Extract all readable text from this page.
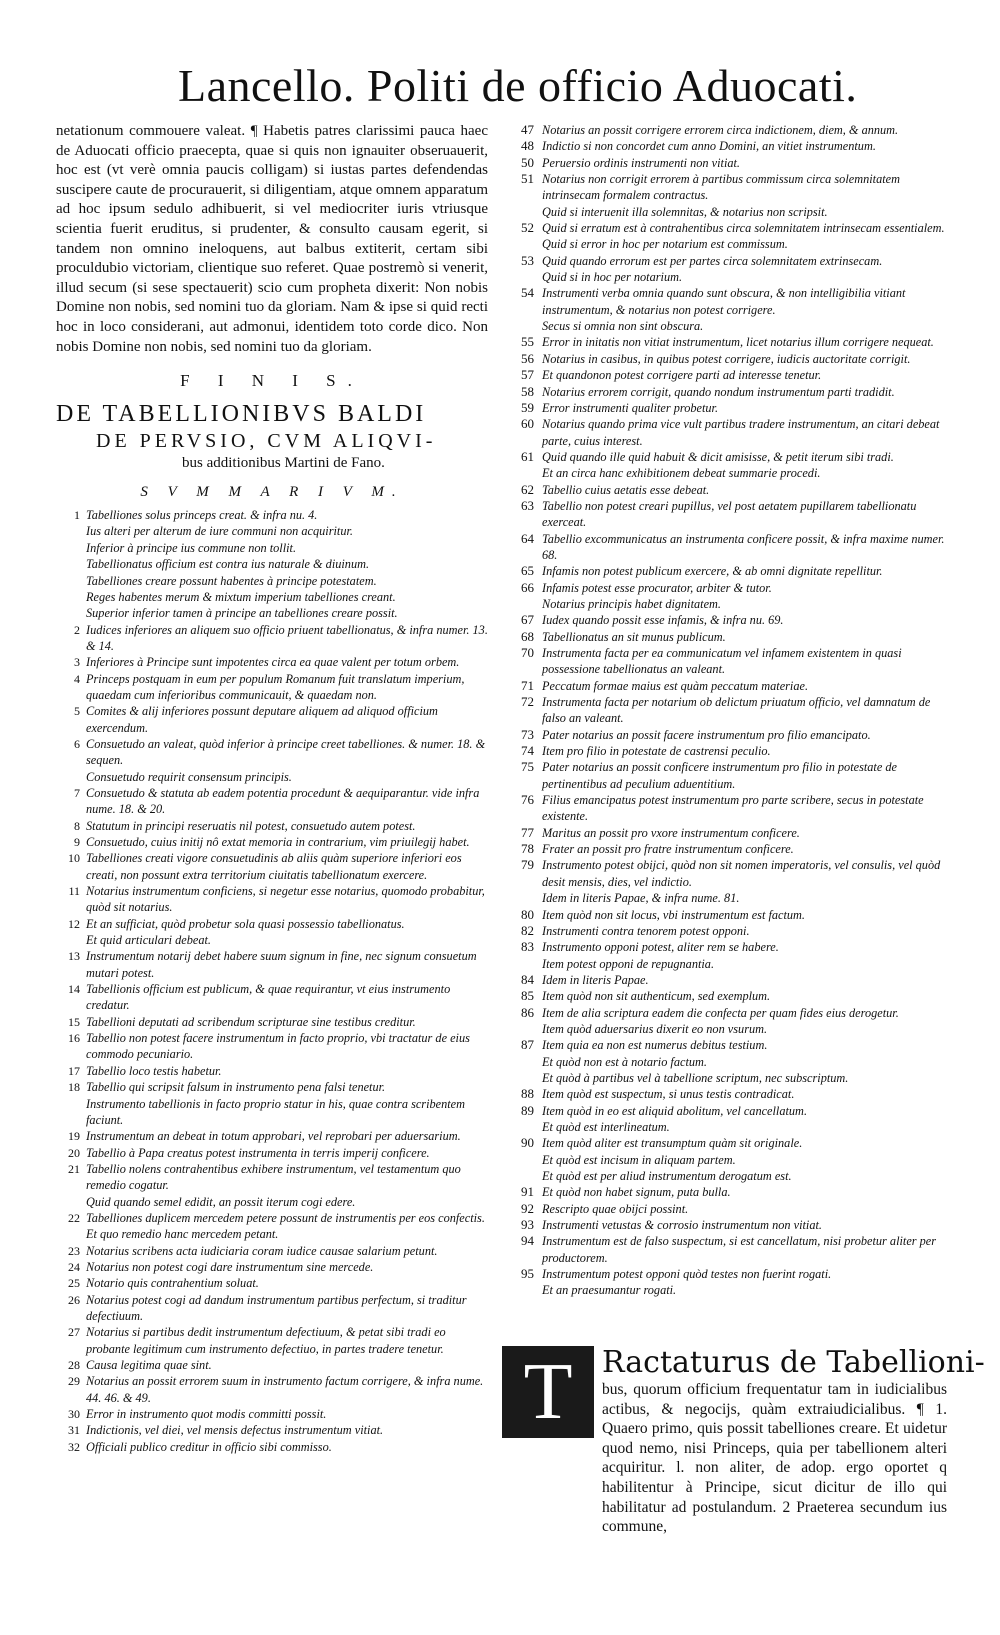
Lancello. Politi de officio Aduocati.
netationum commouere valeat. ¶ Habetis patres clarissimi pauca haec de Aduocati officio praecepta, quae si quis non ignauiter obseruauerit, hoc est (vt verè omnia paucis colligam) si iustas partes defendendas suscipere caute de procurauerit, si diligentiam, atque omnem apparatum ad hoc ipsum sedulo adhibuerit, si vel mediocriter iuris vtriusque scientia fuerit eruditus, si prudenter, & consulto causam egerit, si tandem non omnino ineloquens, aut balbus extiterit, certam sibi proculdubio victoriam, clientique suo referet. Quae postremò si venerit, illud secum (si sese spectauerit) scio cum propheta dixerit: Non nobis Domine non nobis, sed nomini tuo da gloriam. Nam & ipse si quid recti hoc in loco considerani, aut admonui, identidem toto corde dico. Non nobis Domine non nobis, sed nomini tuo da gloriam.
F I N I S.
DE TABELLIONIBVS BALDI
DE PERVSIO, CVM ALIQVI-
bus additionibus Martini de Fano.
S V M M A R I V M.
1 Tabelliones solus princeps creat. & infra nu. 4.
Ius alteri per alterum de iure communi non acquiritur.
Inferior à principe ius commune non tollit.
Tabellionatus officium est contra ius naturale & diuinum.
Tabelliones creare possunt habentes à principe potestatem.
Reges habentes merum & mixtum imperium tabelliones creant.
Superior inferior tamen à principe an tabelliones creare possit.
2 Iudices inferiores an aliquem suo officio priuent tabellionatus, & infra numer. 13. & 14.
3 Inferiores à Principe sunt impotentes circa ea quae valent per totum orbem.
4 Princeps postquam in eum per populum Romanum fuit translatum imperium, quaedam cum inferioribus communicauit, & quaedam non.
5 Comites & alij inferiores possunt deputare aliquem ad aliquod officium exercendum.
6 Consuetudo an valeat, quòd inferior à principe creet tabelliones. & numer. 18. & sequen.
Consuetudo requirit consensum principis.
7 Consuetudo & statuta ab eadem potentia procedunt & aequiparantur. vide infra nume. 18. & 20.
8 Statutum in principi reseruatis nil potest, consuetudo autem potest.
9 Consuetudo, cuius initij nô extat memoria in contrarium, vim priuilegij habet.
10 Tabelliones creati vigore consuetudinis ab aliis quàm superiore inferiori eos creati, non possunt extra territorium ciuitatis tabellionatum exercere.
11 Notarius instrumentum conficiens, si negetur esse notarius, quomodo probabitur, quòd sit notarius.
12 Et an sufficiat, quòd probetur sola quasi possessio tabellionatus.
Et quid articulari debeat.
13 Instrumentum notarij debet habere suum signum in fine, nec signum consuetum mutari potest.
14 Tabellionis officium est publicum, & quae requirantur, vt eius instrumento credatur.
15 Tabellioni deputati ad scribendum scripturae sine testibus creditur.
16 Tabellio non potest facere instrumentum in facto proprio, vbi tractatur de eius commodo pecuniario.
17 Tabellio loco testis habetur.
18 Tabellio qui scripsit falsum in instrumento pena falsi tenetur.
Instrumento tabellionis in facto proprio statur in his, quae contra scribentem faciunt.
19 Instrumentum an debeat in totum approbari, vel reprobari per aduersarium.
20 Tabellio à Papa creatus potest instrumenta in terris imperij conficere.
21 Tabellio nolens contrahentibus exhibere instrumentum, vel testamentum quo remedio cogatur.
Quid quando semel edidit, an possit iterum cogi edere.
22 Tabelliones duplicem mercedem petere possunt de instrumentis per eos confectis.
Et quo remedio hanc mercedem petant.
23 Notarius scribens acta iudiciaria coram iudice causae salarium petunt.
24 Notarius non potest cogi dare instrumentum sine mercede.
25 Notario quis contrahentium soluat.
26 Notarius potest cogi ad dandum instrumentum partibus perfectum, si traditur defectiuum.
27 Notarius si partibus dedit instrumentum defectiuum, & petat sibi tradi eo probante legitimum cum instrumento defectiuo, in partes tradere tenetur.
28 Causa legitima quae sint.
29 Notarius an possit errorem suum in instrumento factum corrigere, & infra nume. 44. 46. & 49.
30 Error in instrumento quot modis committi possit.
31 Indictionis, vel diei, vel mensis defectus instrumentum vitiat.
32 Officiali publico creditur in officio sibi commisso.
47 Notarius an possit corrigere errorem circa indictionem, diem, & annum.
48 Indictio si non concordet cum anno Domini, an vitiet instrumentum.
50 Peruersio ordinis instrumenti non vitiat.
51 Notarius non corrigit errorem à partibus commissum circa solemnitatem intrinsecam formalem contractus.
Quid si interuenit illa solemnitas, & notarius non scripsit.
52 Quid si erratum est à contrahentibus circa solemnitatem intrinsecam essentialem.
Quid si error in hoc per notarium est commissum.
53 Quid quando errorum est per partes circa solemnitatem extrinsecam.
Quid si in hoc per notarium.
54 Instrumenti verba omnia quando sunt obscura, & non intelligibilia vitiant instrumentum, & notarius non potest corrigere.
Secus si omnia non sint obscura.
55 Error in initatis non vitiat instrumentum, licet notarius illum corrigere nequeat.
56 Notarius in casibus, in quibus potest corrigere, iudicis auctoritate corrigit.
57 Et quandonon potest corrigere parti ad interesse tenetur.
58 Notarius errorem corrigit, quando nondum instrumentum parti tradidit.
59 Error instrumenti qualiter probetur.
60 Notarius quando prima vice vult partibus tradere instrumentum, an citari debeat parte, cuius interest.
61 Quid quando ille quid habuit & dicit amisisse, & petit iterum sibi tradi.
Et an circa hanc exhibitionem debeat summarie procedi.
62 Tabellio cuius aetatis esse debeat.
63 Tabellio non potest creari pupillus, vel post aetatem pupillarem tabellionatu exerceat.
64 Tabellio excommunicatus an instrumenta conficere possit, & infra maxime numer. 68.
65 Infamis non potest publicum exercere, & ab omni dignitate repellitur.
66 Infamis potest esse procurator, arbiter & tutor.
Notarius principis habet dignitatem.
67 Iudex quando possit esse infamis, & infra nu. 69.
68 Tabellionatus an sit munus publicum.
70 Instrumenta facta per ea communicatum vel infamem existentem in quasi possessione tabellionatus an valeant.
71 Peccatum formae maius est quàm peccatum materiae.
72 Instrumenta facta per notarium ob delictum priuatum officio, vel damnatum de falso an valeant.
73 Pater notarius an possit facere instrumentum pro filio emancipato.
74 Item pro filio in potestate de castrensi peculio.
75 Pater notarius an possit conficere instrumentum pro filio in potestate de pertinentibus ad peculium aduentitium.
76 Filius emancipatus potest instrumentum pro parte scribere, secus in potestate existente.
77 Maritus an possit pro vxore instrumentum conficere.
78 Frater an possit pro fratre instrumentum conficere.
79 Instrumento potest obijci, quòd non sit nomen imperatoris, vel consulis, vel quòd desit mensis, dies, vel indictio.
Idem in literis Papae, & infra nume. 81.
80 Item quòd non sit locus, vbi instrumentum est factum.
82 Instrumenti contra tenorem potest opponi.
83 Instrumento opponi potest, aliter rem se habere.
Item potest opponi de repugnantia.
84 Idem in literis Papae.
85 Item quòd non sit authenticum, sed exemplum.
86 Item de alia scriptura eadem die confecta per quam fides eius derogetur.
Item quòd aduersarius dixerit eo non vsurum.
87 Item quia ea non est numerus debitus testium.
Et quòd non est à notario factum.
Et quòd à partibus vel à tabellione scriptum, nec subscriptum.
88 Item quòd est suspectum, si unus testis contradicat.
89 Item quòd in eo est aliquid abolitum, vel cancellatum.
Et quòd est interlineatum.
90 Item quòd aliter est transumptum quàm sit originale.
Et quòd est incisum in aliquam partem.
Et quòd est per aliud instrumentum derogatum est.
91 Et quòd non habet signum, puta bulla.
92 Rescripto quae obijci possint.
93 Instrumenti vetustas & corrosio instrumentum non vitiat.
94 Instrumentum est de falso suspectum, si est cancellatum, nisi probetur aliter per productorem.
95 Instrumentum potest opponi quòd testes non fuerint rogati.
Et an praesumantur rogati.
T Ractaturus de Tabellioni-
bus, quorum officium frequentatur tam in iudicialibus actibus, & negocijs, quàm extraiudicialibus. ¶ 1. Quaero primo, quis possit tabelliones creare. Et uidetur quod nemo, nisi Princeps, quia per tabellionem alteri acquiritur. l. non aliter, de adop. ergo oportet q habilitentur à Principe, sicut dicitur de illo qui habilitatur ad postulandum. 2 Praeterea secundum ius commune,
